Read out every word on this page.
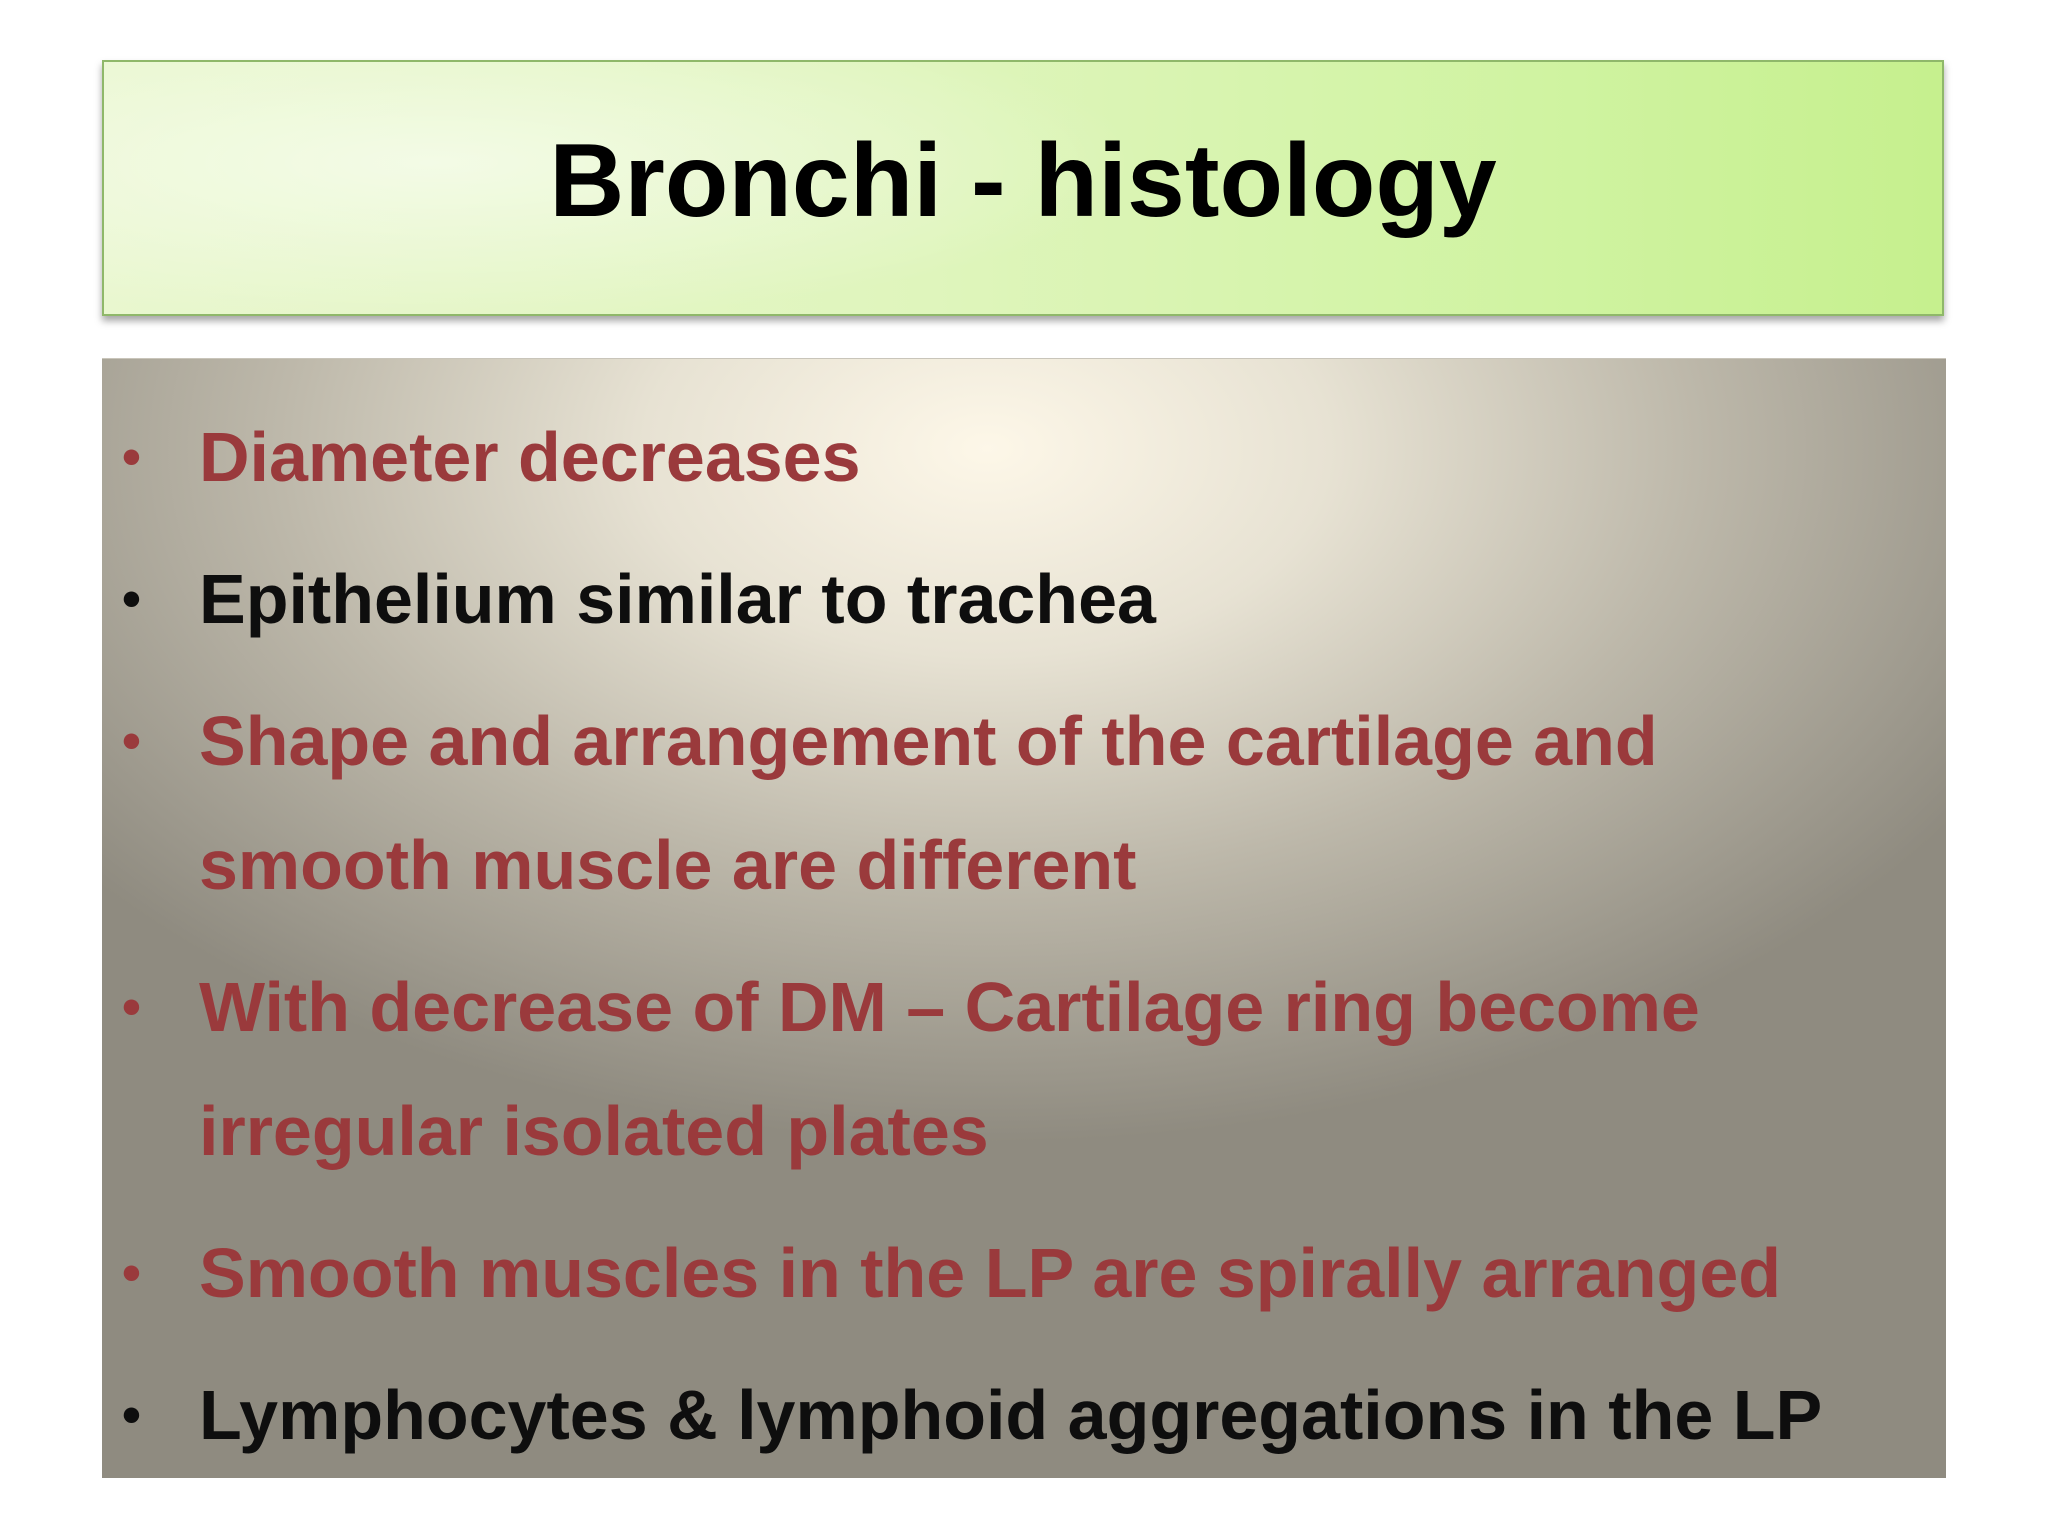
Bronchi - histology
• Diameter decreases
• Epithelium similar to trachea
• Shape and arrangement of the cartilage and
smooth muscle are different
• With decrease of DM – Cartilage ring become
irregular isolated plates
• Smooth muscles in the LP are spirally arranged
• Lymphocytes & lymphoid aggregations in the LP
